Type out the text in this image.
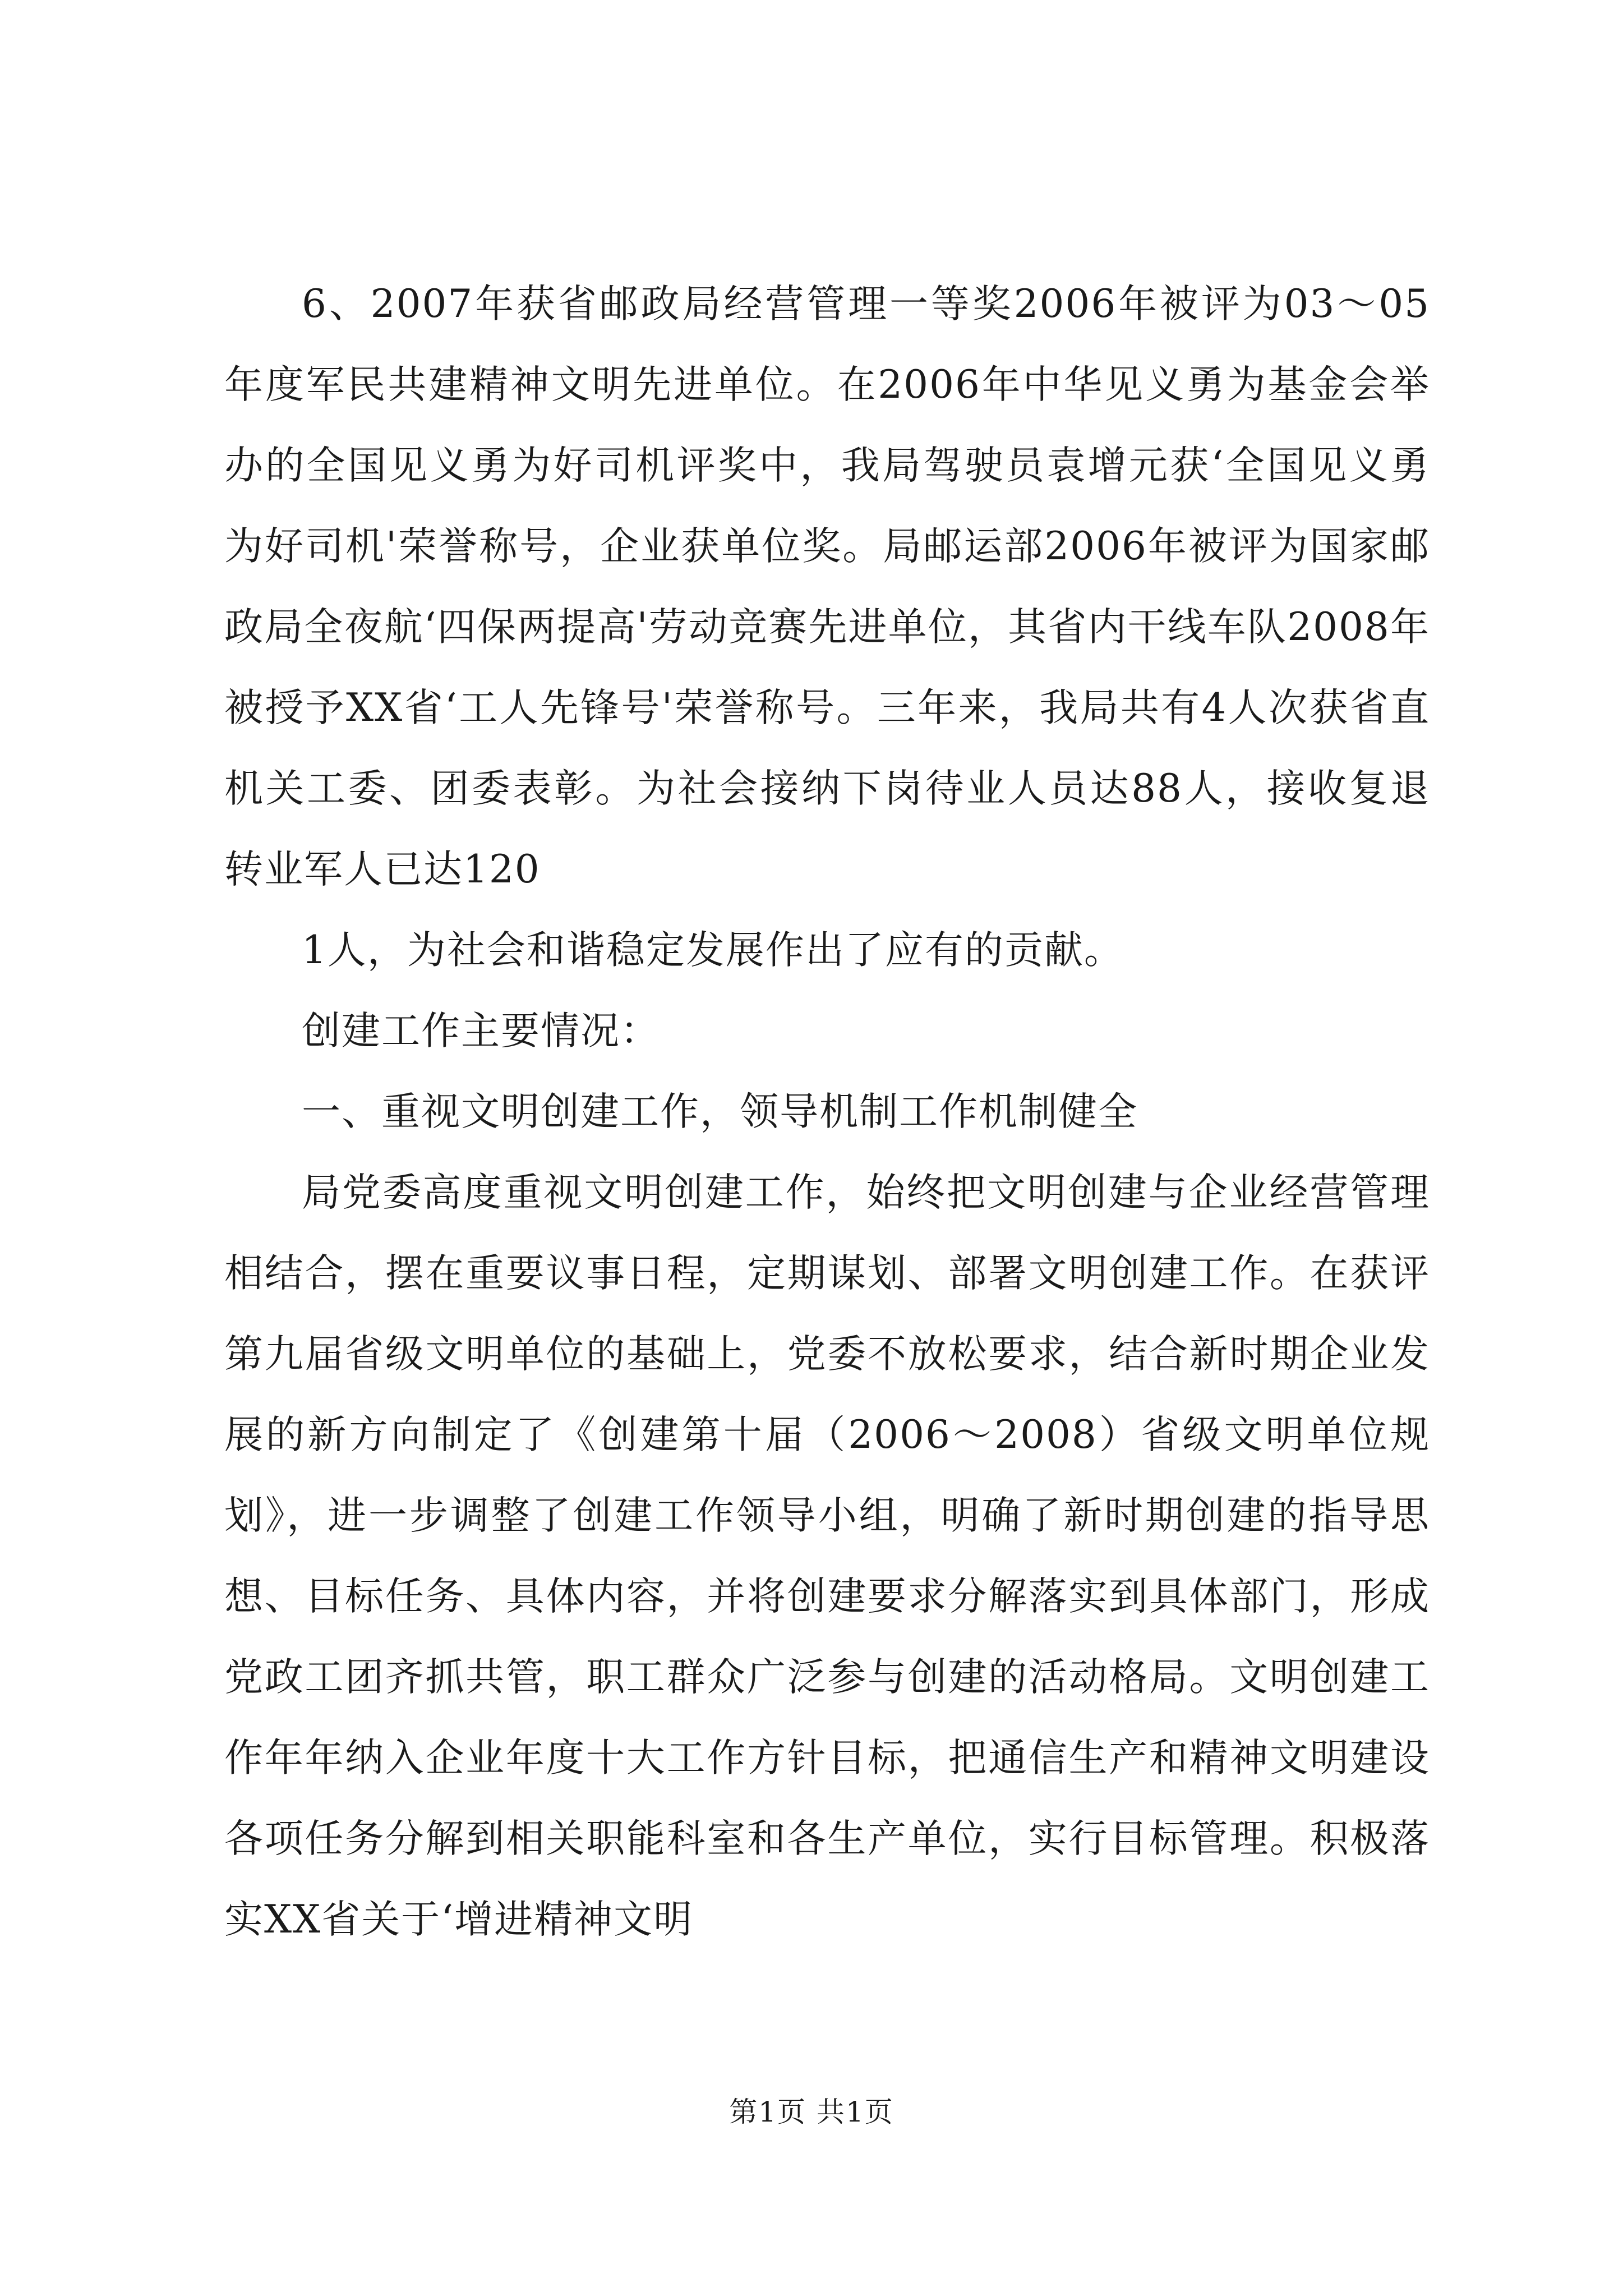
6、2007年获省邮政局经营管理一等奖2006年被评为03～05年度军民共建精神文明先进单位。在2006年中华见义勇为基金会举办的全国见义勇为好司机评奖中，我局驾驶员袁增元获‘全国见义勇为好司机'荣誉称号，企业获单位奖。局邮运部2006年被评为国家邮政局全夜航‘四保两提高'劳动竞赛先进单位，其省内干线车队2008年被授予XX省‘工人先锋号'荣誉称号。三年来，我局共有4人次获省直机关工委、团委表彰。为社会接纳下岗待业人员达88人，接收复退转业军人已达120

1人，为社会和谐稳定发展作出了应有的贡献。

创建工作主要情况：

一、重视文明创建工作，领导机制工作机制健全

局党委高度重视文明创建工作，始终把文明创建与企业经营管理相结合，摆在重要议事日程，定期谋划、部署文明创建工作。在获评第九届省级文明单位的基础上，党委不放松要求，结合新时期企业发展的新方向制定了《创建第十届（2006～2008）省级文明单位规划》，进一步调整了创建工作领导小组，明确了新时期创建的指导思想、目标任务、具体内容，并将创建要求分解落实到具体部门，形成党政工团齐抓共管，职工群众广泛参与创建的活动格局。文明创建工作年年纳入企业年度十大工作方针目标，把通信生产和精神文明建设各项任务分解到相关职能科室和各生产单位，实行目标管理。积极落实XX省关于‘增进精神文明

第1页 共1页
